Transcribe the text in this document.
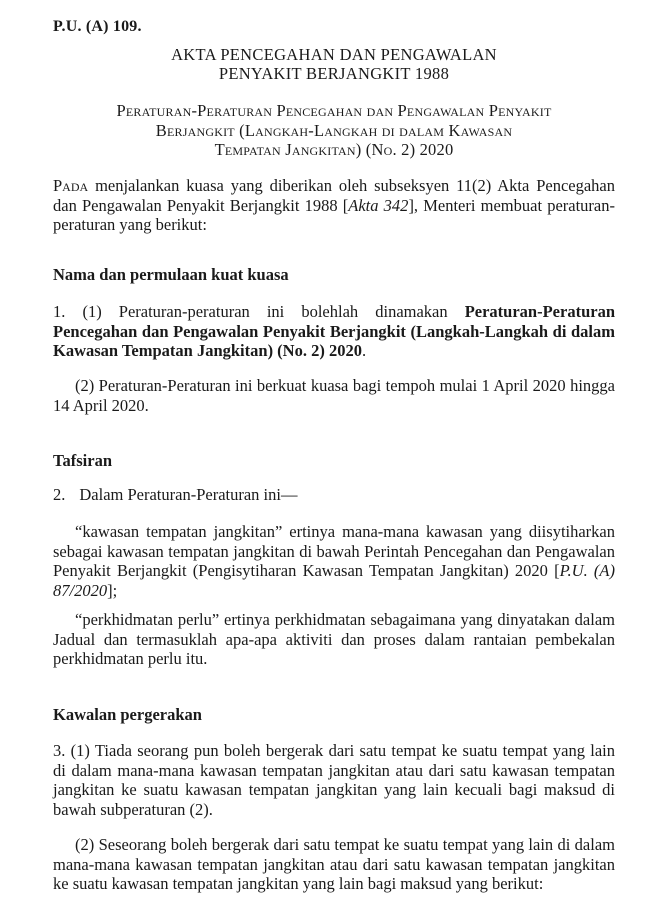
P.U. (A) 109.
AKTA PENCEGAHAN DAN PENGAWALAN
PENYAKIT BERJANGKIT 1988
Peraturan-Peraturan Pencegahan dan Pengawalan Penyakit
Berjangkit (Langkah-Langkah di dalam Kawasan
Tempatan Jangkitan) (No. 2) 2020

Pada menjalankan kuasa yang diberikan oleh subseksyen 11(2) Akta Pencegahan dan Pengawalan Penyakit Berjangkit 1988 [Akta 342], Menteri membuat peraturan-peraturan yang berikut:

Nama dan permulaan kuat kuasa

1. (1) Peraturan-peraturan ini bolehlah dinamakan Peraturan-Peraturan Pencegahan dan Pengawalan Penyakit Berjangkit (Langkah-Langkah di dalam Kawasan Tempatan Jangkitan) (No. 2) 2020.

(2) Peraturan-Peraturan ini berkuat kuasa bagi tempoh mulai 1 April 2020 hingga 14 April 2020.

Tafsiran

2. Dalam Peraturan-Peraturan ini—

“kawasan tempatan jangkitan” ertinya mana-mana kawasan yang diisytiharkan sebagai kawasan tempatan jangkitan di bawah Perintah Pencegahan dan Pengawalan Penyakit Berjangkit (Pengisytiharan Kawasan Tempatan Jangkitan) 2020 [P.U. (A) 87/2020];

“perkhidmatan perlu” ertinya perkhidmatan sebagaimana yang dinyatakan dalam Jadual dan termasuklah apa-apa aktiviti dan proses dalam rantaian pembekalan perkhidmatan perlu itu.

Kawalan pergerakan

3. (1) Tiada seorang pun boleh bergerak dari satu tempat ke suatu tempat yang lain di dalam mana-mana kawasan tempatan jangkitan atau dari satu kawasan tempatan jangkitan ke suatu kawasan tempatan jangkitan yang lain kecuali bagi maksud di bawah subperaturan (2).

(2) Seseorang boleh bergerak dari satu tempat ke suatu tempat yang lain di dalam mana-mana kawasan tempatan jangkitan atau dari satu kawasan tempatan jangkitan ke suatu kawasan tempatan jangkitan yang lain bagi maksud yang berikut:
